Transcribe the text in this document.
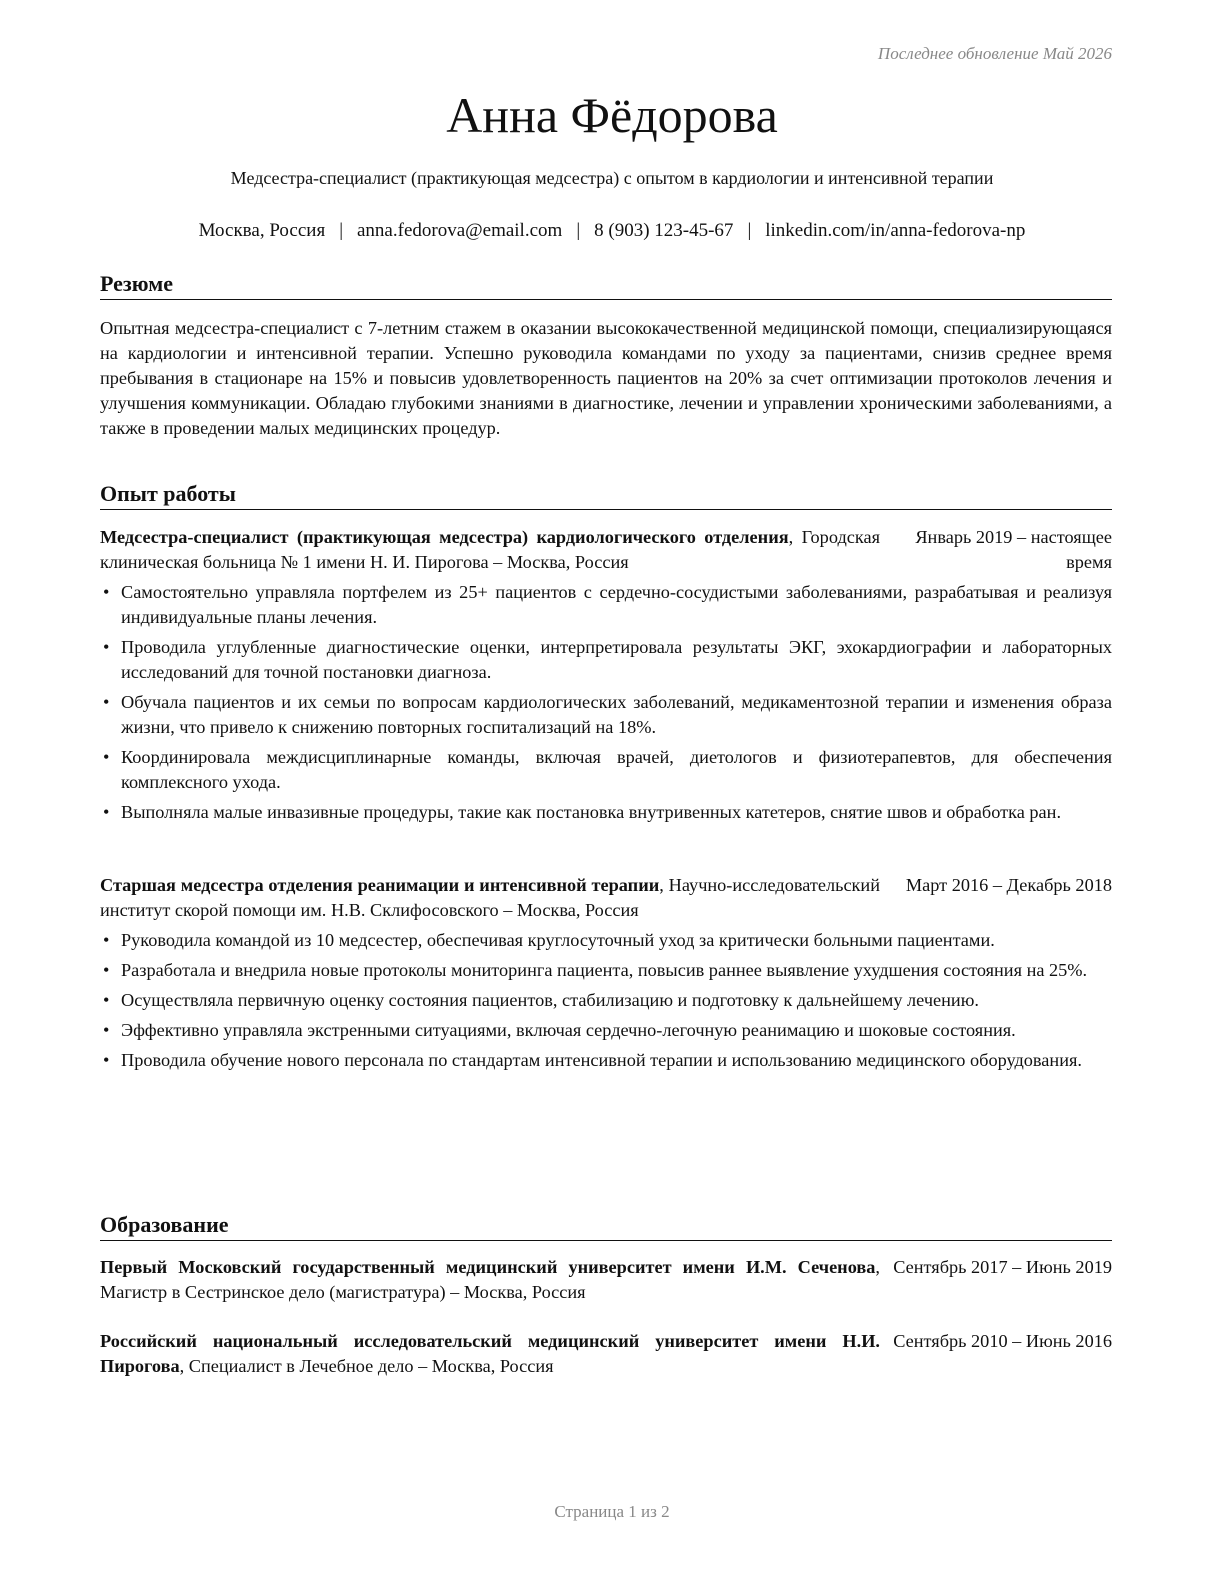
Последнее обновление Май 2026
Анна Фёдорова
Медсестра-специалист (практикующая медсестра) с опытом в кардиологии и интенсивной терапии
Москва, Россия | anna.fedorova@email.com | 8 (903) 123-45-67 | linkedin.com/in/anna-fedorova-np
Резюме
Опытная медсестра-специалист с 7-летним стажем в оказании высококачественной медицинской помощи, специализирующаяся на кардиологии и интенсивной терапии. Успешно руководила командами по уходу за пациентами, снизив среднее время пребывания в стационаре на 15% и повысив удовлетворенность пациентов на 20% за счет оптимизации протоколов лечения и улучшения коммуникации. Обладаю глубокими знаниями в диагностике, лечении и управлении хроническими заболеваниями, а также в проведении малых медицинских процедур.
Опыт работы
Медсестра-специалист (практикующая медсестра) кардиологического отделения, Городская клиническая больница № 1 имени Н. И. Пирогова – Москва, Россия
Январь 2019 – настоящее время
• Самостоятельно управляла портфелем из 25+ пациентов с сердечно-сосудистыми заболеваниями, разрабатывая и реализуя индивидуальные планы лечения.
• Проводила углубленные диагностические оценки, интерпретировала результаты ЭКГ, эхокардиографии и лабораторных исследований для точной постановки диагноза.
• Обучала пациентов и их семьи по вопросам кардиологических заболеваний, медикаментозной терапии и изменения образа жизни, что привело к снижению повторных госпитализаций на 18%.
• Координировала междисциплинарные команды, включая врачей, диетологов и физиотерапевтов, для обеспечения комплексного ухода.
• Выполняла малые инвазивные процедуры, такие как постановка внутривенных катетеров, снятие швов и обработка ран.
Старшая медсестра отделения реанимации и интенсивной терапии, Научно-исследовательский институт скорой помощи им. Н.В. Склифосовского – Москва, Россия
Март 2016 – Декабрь 2018
• Руководила командой из 10 медсестер, обеспечивая круглосуточный уход за критически больными пациентами.
• Разработала и внедрила новые протоколы мониторинга пациента, повысив раннее выявление ухудшения состояния на 25%.
• Осуществляла первичную оценку состояния пациентов, стабилизацию и подготовку к дальнейшему лечению.
• Эффективно управляла экстренными ситуациями, включая сердечно-легочную реанимацию и шоковые состояния.
• Проводила обучение нового персонала по стандартам интенсивной терапии и использованию медицинского оборудования.
Образование
Первый Московский государственный медицинский университет имени И.М. Сеченова, Магистр в Сестринское дело (магистратура) – Москва, Россия
Сентябрь 2017 – Июнь 2019
Российский национальный исследовательский медицинский университет имени Н.И. Пирогова, Специалист в Лечебное дело – Москва, Россия
Сентябрь 2010 – Июнь 2016
Страница 1 из 2
